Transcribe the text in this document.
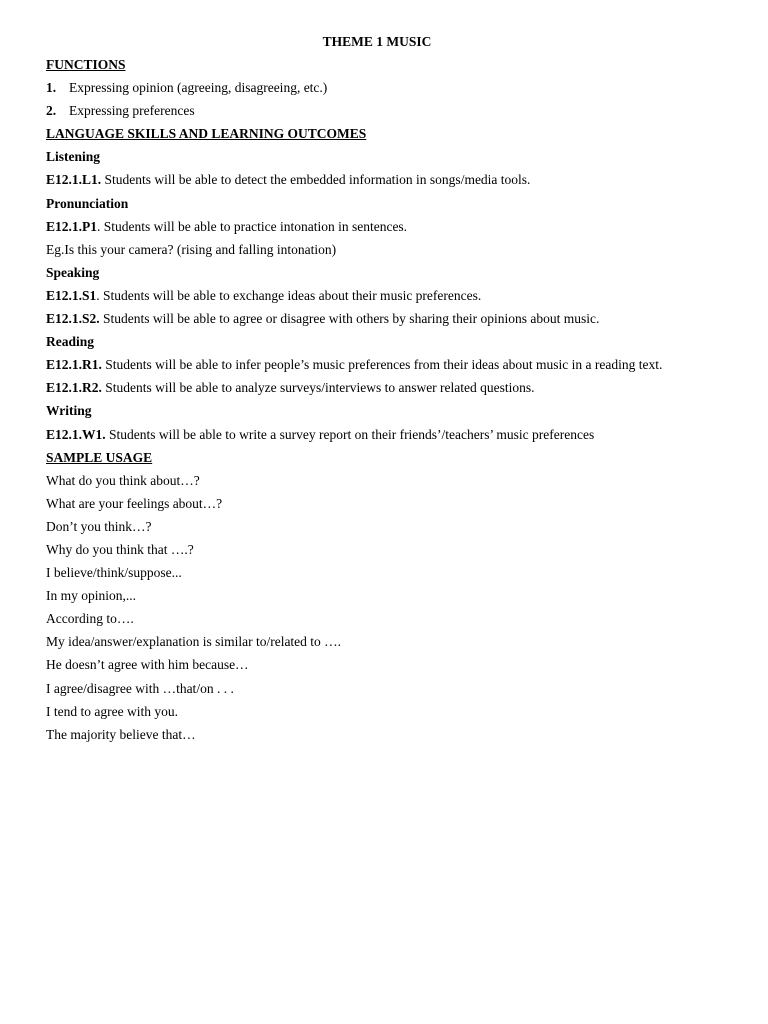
THEME 1 MUSIC
FUNCTIONS
1. Expressing opinion (agreeing, disagreeing, etc.)
2. Expressing preferences
LANGUAGE SKILLS AND LEARNING OUTCOMES
Listening
E12.1.L1. Students will be able to detect the embedded information in songs/media tools.
Pronunciation
E12.1.P1. Students will be able to practice intonation in sentences.
Eg.Is this your camera? (rising and falling intonation)
Speaking
E12.1.S1. Students will be able to exchange ideas about their music preferences.
E12.1.S2. Students will be able to agree or disagree with others by sharing their opinions about music.
Reading
E12.1.R1. Students will be able to infer people’s music preferences from their ideas about music in a reading text.
E12.1.R2. Students will be able to analyze surveys/interviews to answer related questions.
Writing
E12.1.W1. Students will be able to write a survey report on their friends’/teachers’ music preferences
SAMPLE USAGE
What do you think about…?
What are your feelings about…?
Don’t you think…?
Why do you think that ….?
I believe/think/suppose...
In my opinion,...
According to….
My idea/answer/explanation is similar to/related to ….
He doesn’t agree with him because…
I agree/disagree with …that/on . . .
I tend to agree with you.
The majority believe that…
